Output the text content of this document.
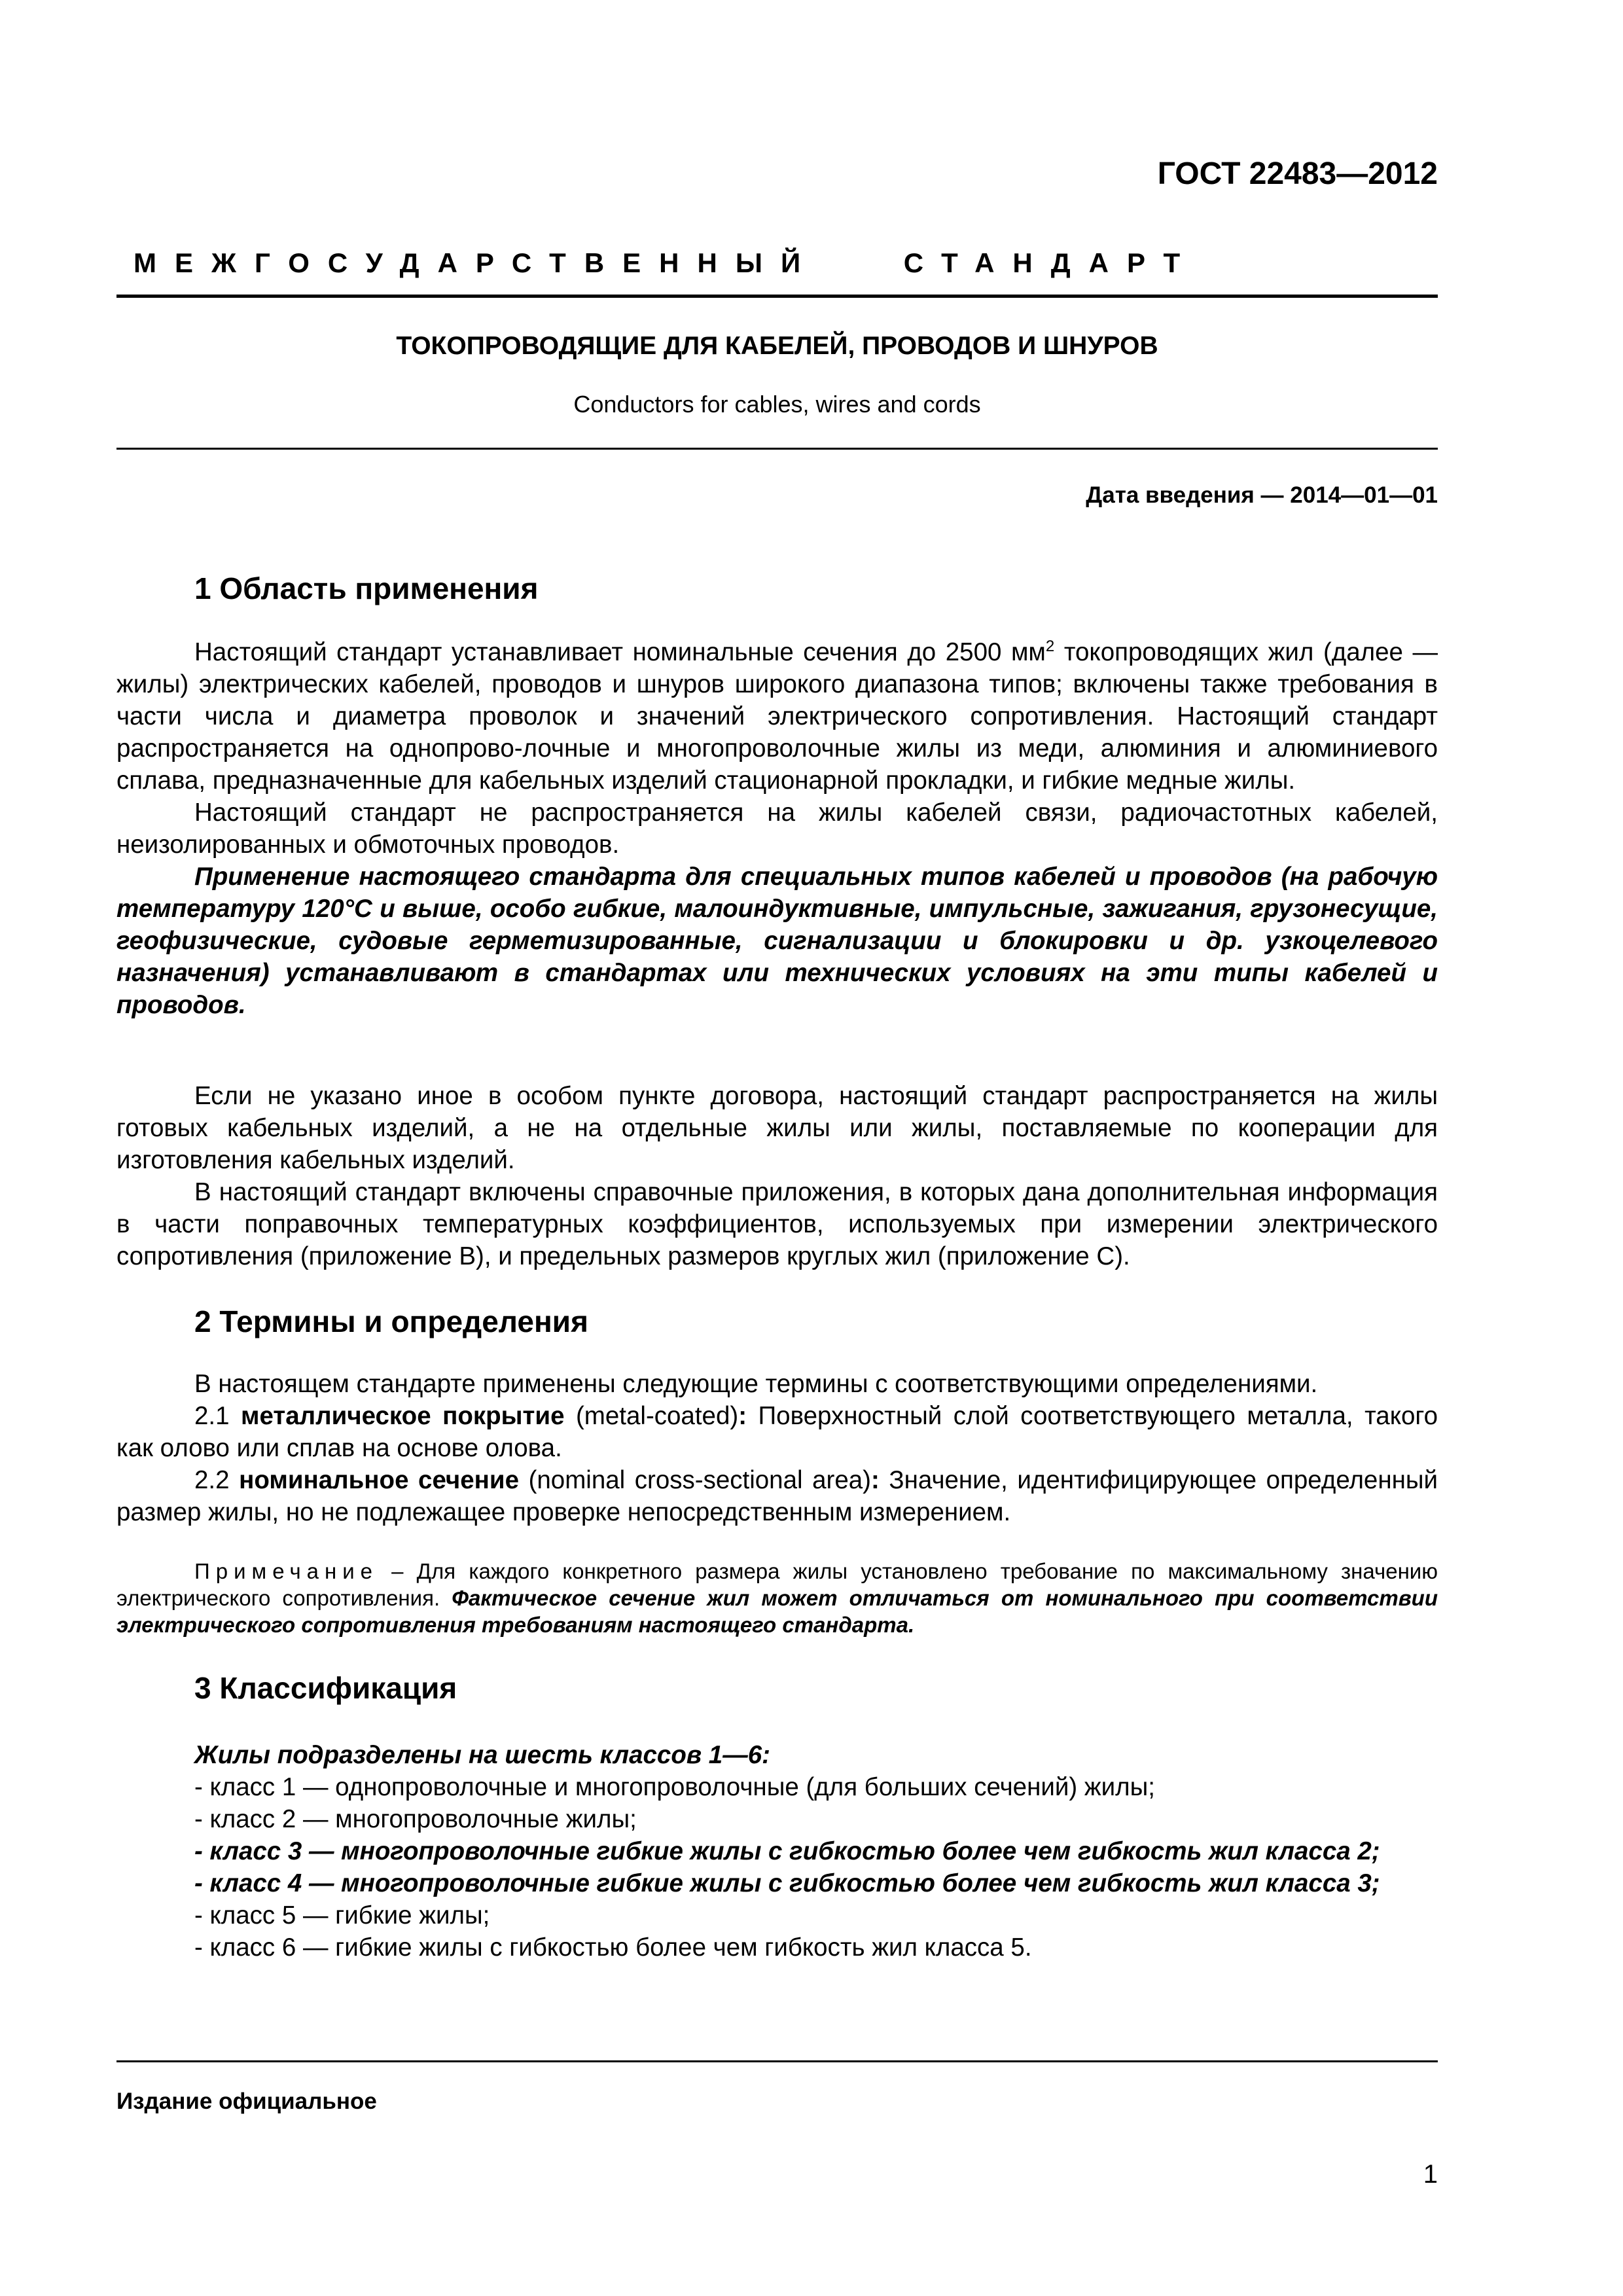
ГОСТ 22483—2012
МЕЖГОСУДАРСТВЕННЫЙ СТАНДАРТ
ТОКОПРОВОДЯЩИЕ ДЛЯ КАБЕЛЕЙ, ПРОВОДОВ И ШНУРОВ
Conductors for cables, wires and cords
Дата введения — 2014—01—01
1 Область применения

Настоящий стандарт устанавливает номинальные сечения до 2500 $мм^2$ токопроводящих жил (далее — жилы) электрических кабелей, проводов и шнуров широкого диапазона типов; включены также требования в части числа и диаметра проволок и значений электрического сопротивления. Настоящий стандарт распространяется на однопрово-лочные и многопроволочные жилы из меди, алюминия и алюминиевого сплава, предназначенные для кабельных изделий стационарной прокладки, и гибкие медные жилы.

Настоящий стандарт не распространяется на жилы кабелей связи, радиочастотных кабелей, неизолированных и обмоточных проводов.

Применение настоящего стандарта для специальных типов кабелей и проводов (на рабочую температуру 120°С и выше, особо гибкие, малоиндуктивные, импульсные, зажигания, грузонесущие, геофизические, судовые герметизированные, сигнализации и блокировки и др. узкоцелевого назначения) устанавливают в стандартах или технических условиях на эти типы кабелей и проводов.

Если не указано иное в особом пункте договора, настоящий стандарт распространяется на жилы готовых кабельных изделий, а не на отдельные жилы или жилы, поставляемые по кооперации для изготовления кабельных изделий.

В настоящий стандарт включены справочные приложения, в которых дана дополнительная информация в части поправочных температурных коэффициентов, используемых при измерении электрического сопротивления (приложение В), и предельных размеров круглых жил (приложение С).

2 Термины и определения

В настоящем стандарте применены следующие термины с соответствующими определениями.

2.1 металлическое покрытие (metal-coated): Поверхностный слой соответствующего металла, такого как олово или сплав на основе олова.

2.2 номинальное сечение (nominal cross-sectional area): Значение, идентифицирующее определенный размер жилы, но не подлежащее проверке непосредственным измерением.

Примечание – Для каждого конкретного размера жилы установлено требование по максимальному значению электрического сопротивления. Фактическое сечение жил может отличаться от номинального при соответствии электрического сопротивления требованиям настоящего стандарта.

3 Классификация

Жилы подразделены на шесть классов 1—6:

- класс 1 — однопроволочные и многопроволочные (для больших сечений) жилы;

- класс 2 — многопроволочные жилы;

- класс 3 — многопроволочные гибкие жилы с гибкостью более чем гибкость жил класса 2;

- класс 4 — многопроволочные гибкие жилы с гибкостью более чем гибкость жил класса 3;

- класс 5 — гибкие жилы;

- класс 6 — гибкие жилы с гибкостью более чем гибкость жил класса 5.

Издание официальное
1
